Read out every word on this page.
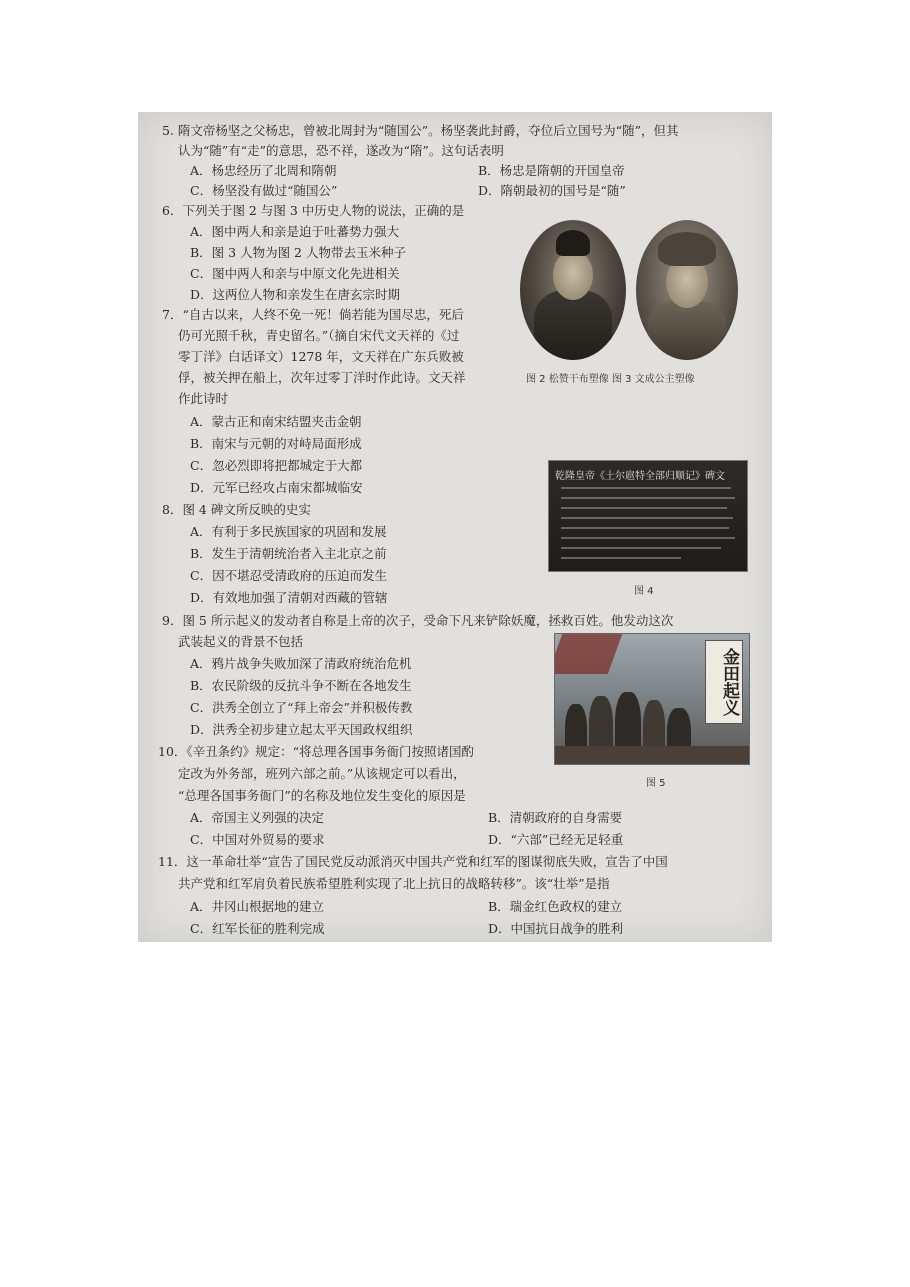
5. 隋文帝杨坚之父杨忠，曾被北周封为“随国公”。杨坚袭此封爵，夺位后立国号为“随”，但其
认为“随”有“走”的意思，恐不祥，遂改为“隋”。这句话表明
A．杨忠经历了北周和隋朝	B．杨忠是隋朝的开国皇帝
C．杨坚没有做过“随国公”	D．隋朝最初的国号是“随”
6．下列关于图 2 与图 3 中历史人物的说法，正确的是
A．图中两人和亲是迫于吐蕃势力强大
B．图 3 人物为图 2 人物带去玉米种子
C．图中两人和亲与中原文化先进相关
D．这两位人物和亲发生在唐玄宗时期
图 2 松赞干布塑像 图 3 文成公主塑像
7．“自古以来，人终不免一死！倘若能为国尽忠，死后
仍可光照千秋，青史留名。”（摘自宋代文天祥的《过
零丁洋》白话译文）1278 年，文天祥在广东兵败被
俘，被关押在船上，次年过零丁洋时作此诗。文天祥
作此诗时
A．蒙古正和南宋结盟夹击金朝
B．南宋与元朝的对峙局面形成
C．忽必烈即将把都城定于大都
D．元军已经攻占南宋都城临安
乾隆皇帝《土尔扈特全部归顺记》碑文
图 4
8．图 4 碑文所反映的史实
A．有利于多民族国家的巩固和发展
B．发生于清朝统治者入主北京之前
C．因不堪忍受清政府的压迫而发生
D．有效地加强了清朝对西藏的管辖
9．图 5 所示起义的发动者自称是上帝的次子，受命下凡来铲除妖魔，拯救百姓。他发动这次
武装起义的背景不包括
A．鸦片战争失败加深了清政府统治危机
B．农民阶级的反抗斗争不断在各地发生
C．洪秀全创立了“拜上帝会”并积极传教
D．洪秀全初步建立起太平天国政权组织
金田起义
图 5
10．《辛丑条约》规定：“将总理各国事务衙门按照诸国酌
定改为外务部，班列六部之前。”从该规定可以看出，
“总理各国事务衙门”的名称及地位发生变化的原因是
A．帝国主义列强的决定	B．清朝政府的自身需要
C．中国对外贸易的要求	D．“六部”已经无足轻重
11．这一革命壮举“宣告了国民党反动派消灭中国共产党和红军的图谋彻底失败，宣告了中国
共产党和红军肩负着民族希望胜利实现了北上抗日的战略转移”。该“壮举”是指
A．井冈山根据地的建立	B．瑞金红色政权的建立
C．红军长征的胜利完成	D．中国抗日战争的胜利
